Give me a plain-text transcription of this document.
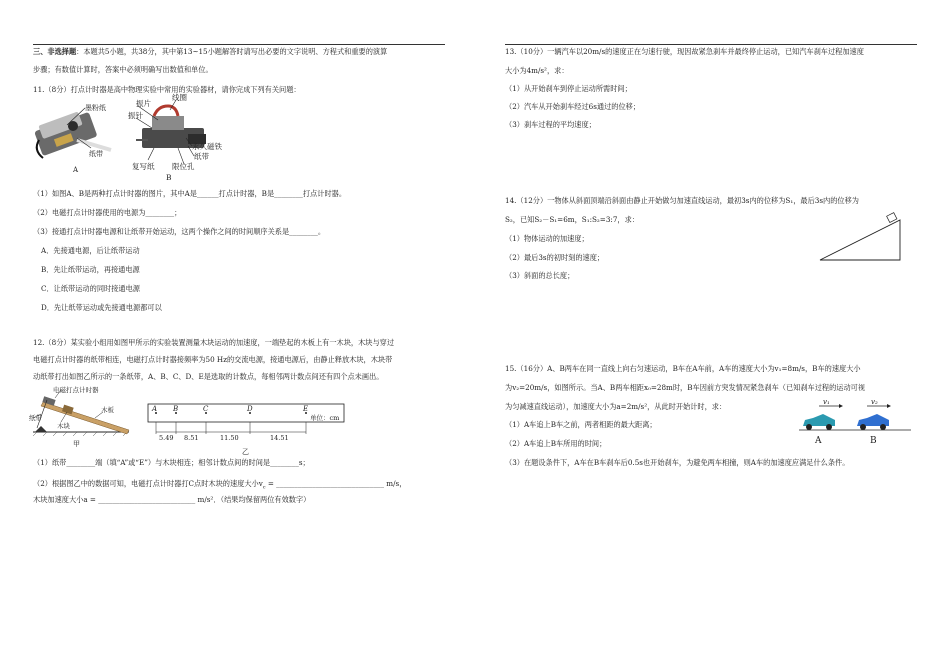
三、非选择题：本题共5小题，共38分，其中第13~15小题解答时请写出必要的文字说明、方程式和重要的演算
步骤；有数值计算时，答案中必须明确写出数值和单位。
11.（8分）打点计时器是高中物理实验中常用的实验器材，请你完成下列有关问题：
墨粉纸
纸带
A
振片
线圈
振针
永久磁铁
纸带
复写纸 限位孔
B
（1）如图A、B是两种打点计时器的图片，其中A是______打点计时器，B是________打点计时器。
（2）电磁打点计时器使用的电源为________；
（3）接通打点计时器电源和让纸带开始运动，这两个操作之间的时间顺序关系是________。
A．先接通电源，后让纸带运动
B．先让纸带运动，再接通电源
C．让纸带运动的同时接通电源
D．先让纸带运动或先接通电源都可以
12.（8分）某实验小组用如图甲所示的实验装置测量木块运动的加速度，一端垫起的木板上有一木块，木块与穿过
电磁打点计时器的纸带相连，电磁打点计时器接频率为50 Hz的交流电源，接通电源后，由静止释放木块，木块带
动纸带打出如图乙所示的一条纸带，A、B、C、D、E是选取的计数点，每相邻两计数点间还有四个点未画出。
电磁打点计时器
纸带
木块
木板
甲
A B	C	D	E
单位：cm
5.49 8.51	11.50	14.51
乙
（1）纸带________端（填“A”或“E”）与木块相连；相邻计数点间的时间是________s；
（2）根据图乙中的数据可知，电磁打点计时器打C点时木块的速度大小$v_c$ = ______________________________ m/s，
木块加速度大小a = ___________________________ m/s²．（结果均保留两位有效数字）
13.（10分）一辆汽车以20m/s的速度正在匀速行驶，现因故紧急刹车并最终停止运动，已知汽车刹车过程加速度
大小为4m/s²，求：
（1）从开始刹车到停止运动所需时间；
（2）汽车从开始刹车经过6s通过的位移；
（3）刹车过程的平均速度；
14.（12分）一物体从斜面顶端沿斜面由静止开始做匀加速直线运动，最初3s内的位移为S₁，最后3s内的位移为
S₂，已知S₂－S₁=6m，S₁:S₂=3:7，求：
（1）物体运动的加速度；
（2）最后3s的初时刻的速度；
（3）斜面的总长度；
15.（16分）A、B两车在同一直线上向右匀速运动，B车在A车前，A车的速度大小为v₁=8m/s，B车的速度大小
为v₂=20m/s，如图所示。当A、B两车相距x₀=28m时，B车因前方突发情况紧急刹车（已知刹车过程的运动可视
为匀减速直线运动），加速度大小为a=2m/s²，从此时开始计时，求：
（1）A车追上B车之前，两者相距的最大距离；
（2）A车追上B车所用的时间；
（3）在题设条件下，A车在B车刹车后0.5s也开始刹车，为避免两车相撞，则A车的加速度应满足什么条件。
v₁	v₂
A	B
